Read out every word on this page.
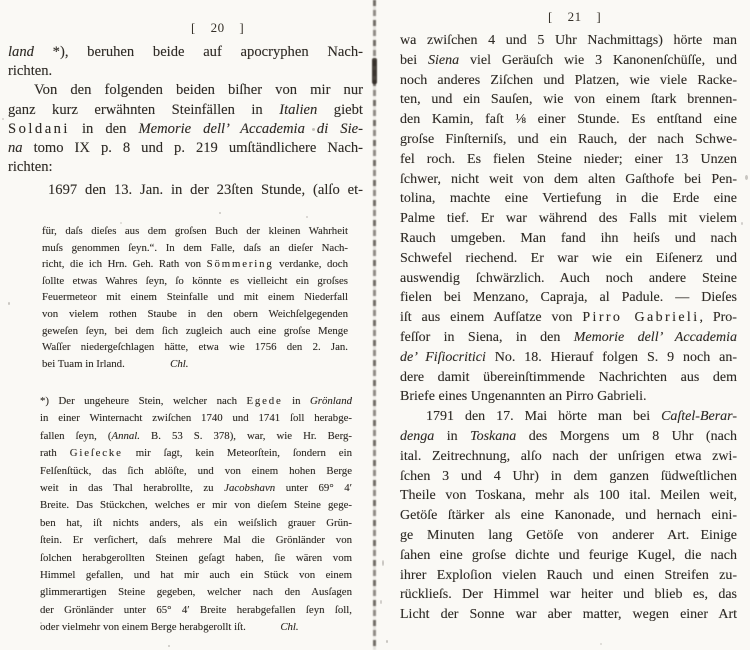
[ 20 ]
[ 21 ]
land *), beruhen beide auf apocryphen Nach-
richten.
Von den folgenden beiden biſher von mir nur
ganz kurz erwähnten Steinfällen in Italien giebt
Soldani in den Memorie dell’ Accademia di Sie-
na tomo IX p. 8 und p. 219 umſtändlichere Nach-
richten:
1697 den 13. Jan. in der 23ſten Stunde, (alſo et-
für, daſs dieſes aus dem groſsen Buch der kleinen Wahrheit
muſs genommen ſeyn.“. In dem Falle, daſs an dieſer Nach-
richt, die ich Hrn. Geh. Rath von Sömmering verdanke, doch
ſollte etwas Wahres ſeyn, ſo könnte es vielleicht ein groſses
Feuermeteor mit einem Steinfalle und mit einem Niederfall
von vielem rothen Staube in den obern Weichſelgegenden
geweſen ſeyn, bei dem ſich zugleich auch eine groſse Menge
Waſſer niedergeſchlagen hätte, etwa wie 1756 den 2. Jan.
bei Tuam in Irland.	Chl.
*) Der ungeheure Stein, welcher nach Egede in Grönland
in einer Winternacht zwiſchen 1740 und 1741 ſoll herabge-
fallen ſeyn, (Annal. B. 53 S. 378), war, wie Hr. Berg-
rath Gieſecke mir ſagt, kein Meteorſtein, ſondern ein
Felſenſtück, das ſich ablöſte, und von einem hohen Berge
weit in das Thal herabrollte, zu Jacobshavn unter 69° 4′
Breite. Das Stückchen, welches er mir von dieſem Steine gege-
ben hat, iſt nichts anders, als ein weiſslich grauer Grün-
ſtein. Er verſichert, daſs mehrere Mal die Grönländer von
ſolchen herabgerollten Steinen geſagt haben, ſie wären vom
Himmel gefallen, und hat mir auch ein Stück von einem
glimmerartigen Steine gegeben, welcher nach den Ausſagen
der Grönländer unter 65° 4′ Breite herabgefallen ſeyn ſoll,
oder vielmehr von einem Berge herabgerollt iſt.	Chl.
wa zwiſchen 4 und 5 Uhr Nachmittags) hörte man
bei Siena viel Geräuſch wie 3 Kanonenſchüſſe, und
noch anderes Ziſchen und Platzen, wie viele Racke-
ten, und ein Sauſen, wie von einem ſtark brennen-
den Kamin, faſt ⅛ einer Stunde. Es entſtand eine
groſse Finſterniſs, und ein Rauch, der nach Schwe-
fel roch. Es fielen Steine nieder; einer 13 Unzen
ſchwer, nicht weit von dem alten Gaſthofe bei Pen-
tolina, machte eine Vertiefung in die Erde eine
Palme tief. Er war während des Falls mit vielem
Rauch umgeben. Man fand ihn heiſs und nach
Schwefel riechend. Er war wie ein Eiſenerz und
auswendig ſchwärzlich. Auch noch andere Steine
fielen bei Menzano, Capraja, al Padule. — Dieſes
iſt aus einem Aufſatze von Pirro Gabrieli, Pro-
feſſor in Siena, in den Memorie dell’ Accademia
de’ Fiſiocritici No. 18. Hierauf folgen S. 9 noch an-
dere damit übereinſtimmende Nachrichten aus dem
Briefe eines Ungenannten an Pirro Gabrieli.
1791 den 17. Mai hörte man bei Caſtel-Berar-
denga in Toskana des Morgens um 8 Uhr (nach
ital. Zeitrechnung, alſo nach der unſrigen etwa zwi-
ſchen 3 und 4 Uhr) in dem ganzen ſüdweſtlichen
Theile von Toskana, mehr als 100 ital. Meilen weit,
Getöſe ſtärker als eine Kanonade, und hernach eini-
ge Minuten lang Getöſe von anderer Art. Einige
ſahen eine groſse dichte und feurige Kugel, die nach
ihrer Exploſion vielen Rauch und einen Streifen zu-
rücklieſs. Der Himmel war heiter und blieb es, das
Licht der Sonne war aber matter, wegen einer Art
